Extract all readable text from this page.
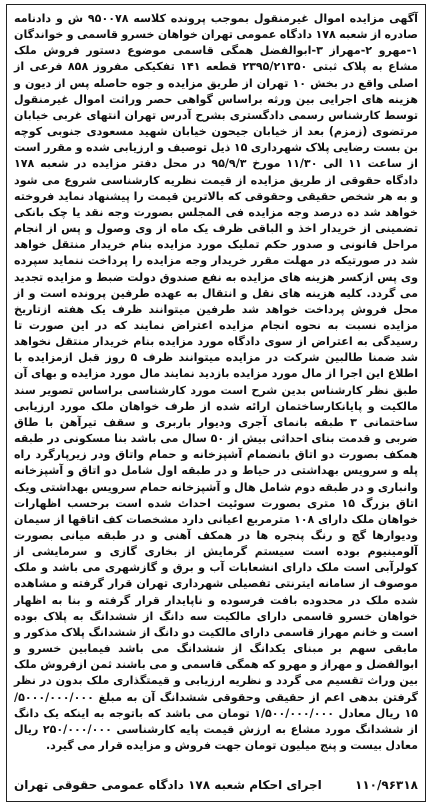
آگهی مزایده اموال غیرمنقول بموجب پرونده کلاسه ۹۵۰۰۷۸ ش و دادنامه صادره از شعبه ۱۷۸ دادگاه عمومی تهران خواهان خسرو قاسمی و خواندگان ۱-مهرو ۲-مهراز ۳-ابوالفضل همگی قاسمی موضوع دستور فروش ملک مشاع به پلاک ثبتی ۲۳۹۵/۲۱۳۵۰ قطعه ۱۴۱ تفکیکی مفروز ۸۵۸ فرعی از اصلی واقع در بخش ۱۰ تهران از طریق مزایده و جوه حاصله پس از دیون و هزینه های اجرایی بین ورثه براساس گواهی حصر وراثت اموال غیرمنقول توسط کارشناس رسمی دادگستری بشرح آدرس تهران انتهای غربی خیابان مرتضوی (زمزم) بعد از خیابان جیحون خیابان شهید مسعودی جنوبی کوچه بن بست رضایی پلاک شهرداری ۱۵ ذیل توصیف و ارزیابی شده و مقرر است از ساعت ۱۱ الی ۱۱/۳۰ مورخ ۹۵/۹/۳ در محل دفتر مزایده در شعبه ۱۷۸ دادگاه حقوقی از طریق مزایده از قیمت نظریه کارشناسی شروع می شود و به هر شخص حقیقی وحقوقی که بالاترین قیمت را پیشنهاد نماید فروخته خواهد شد ده درصد وجه مزایده فی المجلس بصورت وجه نقد یا چک بانکی تضمینی از خریدار اخذ و الباقی ظرف یک ماه از وی وصول و پس از انجام مراحل قانونی و صدور حکم تملیک مورد مزایده بنام خریدار منتقل خواهد شد در صورتیکه در مهلت مقرر خریدار وجه مزایده را پرداخت ننماید سپرده وی پس ازکسر هزینه های مزایده به نفع صندوق دولت ضبط و مزایده تجدید می گردد. کلیه هزینه های نقل و انتقال به عهده طرفین پرونده است و از محل فروش پرداخت خواهد شد طرفین میتوانند ظرف یک هفته ازتاریخ مزایده نسبت به نحوه انجام مزایده اعتراض نمایند که در این صورت تا رسیدگی به اعتراض از سوی دادگاه مورد مزایده بنام خریدار منتقل نخواهد شد ضمنا طالبین شرکت در مزایده میتوانند ظرف ۵ روز قبل ازمزایده با اطلاع این اجرا از مال مورد مزایده بازدید نمایند مال مورد مزایده و بهای آن طبق نظر کارشناس بدین شرح است مورد کارشناسی براساس تصویر سند مالکیت و پایانکارساختمان ارائه شده از طرف خواهان ملک مورد ارزیابی ساختمانی ۳ طبقه بانمای آجری ودیوار باربری و سقف تیرآهن با طاق ضربی و قدمت بنای احداثی بیش از ۵۰ سال می باشد بنا مسکونی در طبقه همکف بصورت دو اتاق بانضمام آشپزخانه و حمام واتاق ودر زیرپارگرد راه پله و سرویس بهداشتی در حیاط و در طبقه اول شامل دو اتاق و آشپزخانه وانباری و در طبقه دوم شامل هال و آشپزخانه حمام سرویس بهداشتی ویک اتاق بزرگ ۱۵ متری بصورت سوئیت احداث شده است برحسب اظهارات خواهان ملک دارای ۱۰۸ مترمربع اعیانی دارد مشخصات کف اتاقها از سیمان ودیوارها گچ و رنگ پنجره ها در همکف آهنی و در طبقه میانی بصورت آلومینیوم بوده است سیستم گرمایش از بخاری گازی و سرمایشی از کولرآبی است ملک دارای انشعابات آب و برق و گازشهری می باشد و ملک موصوف از سامانه ایترنتی تفصیلی شهرداری تهران قرار گرفته و مشاهده شده ملک در محدوده بافت فرسوده و ناپایدار قرار گرفته و بنا به اظهار خواهان خسرو قاسمی دارای مالکیت سه دانگ از ششدانگ به پلاک بوده است و خانم مهراز قاسمی دارای مالکیت دو دانگ از ششدانگ پلاک مذکور و مابقی سهم بر مبنای یکدانگ از ششدانگ می باشد فیمابین خسرو و ابوالفضل و مهراز و مهرو که همگی قاسمی و می باشند ثمن ازفروش ملک بین وراث تقسیم می گردد و نظریه ارزیابی و قیمتگذاری ملک بدون در نظر گرفتن بدهی اعم از حقیقی وحقوقی ششدانگ آن به مبلغ ۵۰۰۰/۰۰۰/۰۰۰/ ۱۵ ریال معادل ۱/۵۰۰/۰۰۰/۰۰۰ تومان می باشد که باتوجه به اینکه یک دانگ از ششدانگ مورد مشاع به ارزش قیمت پایه کارشناسی ۲۵۰/۰۰۰/۰۰۰ ریال معادل بیست و پنج میلیون تومان جهت فروش و مزایده قرار می گیرد.

۱۱۰/۹۶۳۱۸
اجرای احکام شعبه ۱۷۸ دادگاه عمومی حقوقی تهران
